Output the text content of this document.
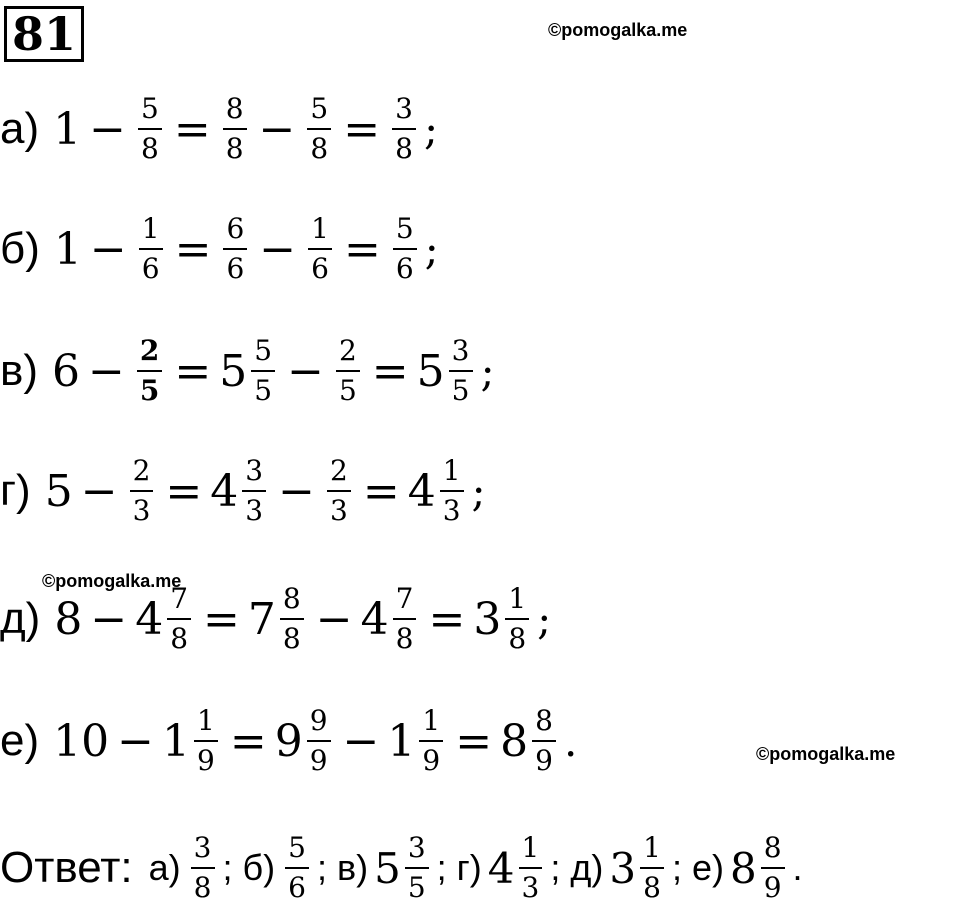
81	©pomogalka.me
©pomogalka.me
©pomogalka.me
а) $1 - \frac{5}{8} = \frac{8}{8} - \frac{5}{8} = \frac{3}{8}$ ;
б) $1 - \frac{1}{6} = \frac{6}{6} - \frac{1}{6} = \frac{5}{6}$ ;
в) $6 - \frac{2}{5} = 5 \frac{5}{5} - \frac{2}{5} = 5 \frac{3}{5}$ ;
г) $5 - \frac{2}{3} = 4 \frac{3}{3} - \frac{2}{3} = 4 \frac{1}{3}$ ;
д) $8 - 4 \frac{7}{8} = 7 \frac{8}{8} - 4 \frac{7}{8} = 3 \frac{1}{8}$ ;
е) $10 - 1 \frac{1}{9} = 9 \frac{9}{9} - 1 \frac{1}{9} = 8 \frac{8}{9}$ .
Ответ: $а) \frac{3}{8}$ ; $б) \frac{5}{6}$ ; в) $5 \frac{3}{5}$ ; г) $4 \frac{1}{3}$ ; д) $3 \frac{1}{8}$ ; е) $8 \frac{8}{9}$ .
